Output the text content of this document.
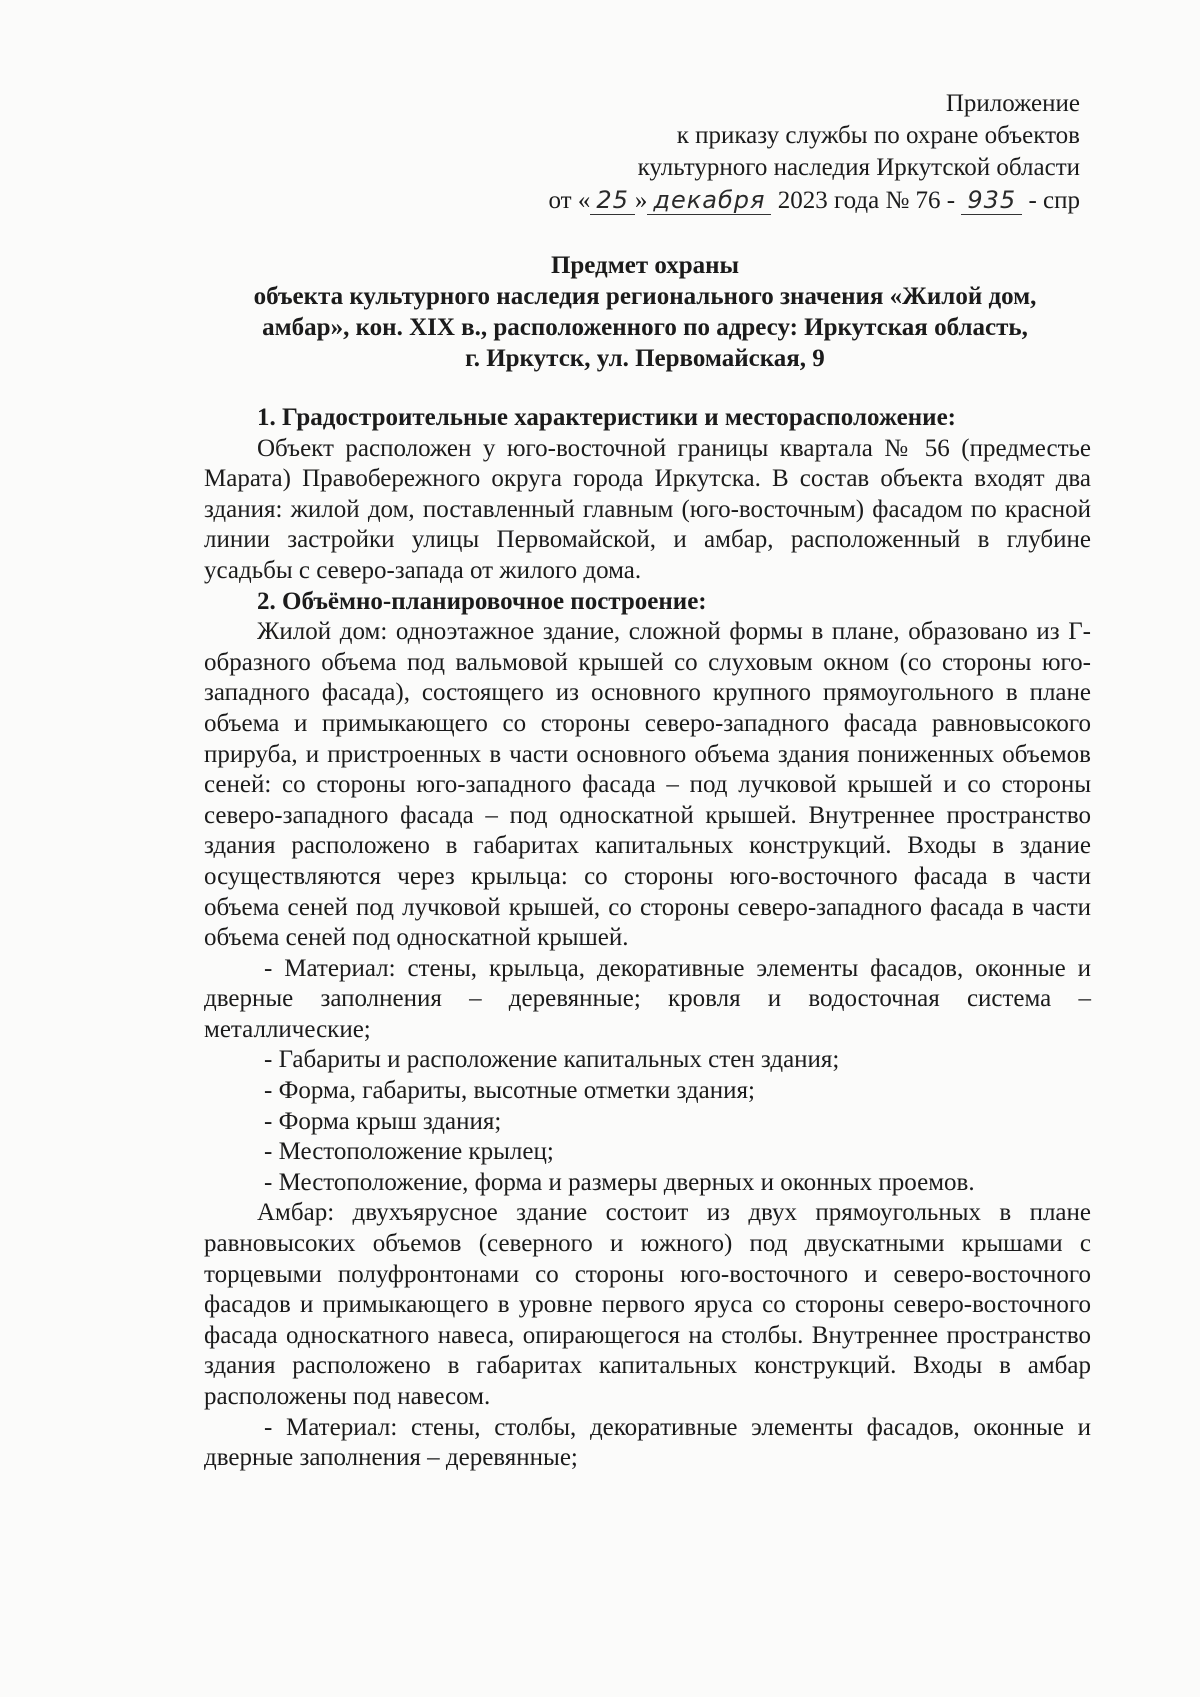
Приложение
к приказу службы по охране объектов
культурного наследия Иркутской области
от « 25 » декабря 2023 года № 76 - 935 - спр
Предмет охраны
объекта культурного наследия регионального значения «Жилой дом,
амбар», кон. XIX в., расположенного по адресу: Иркутская область,
г. Иркутск, ул. Первомайская, 9

1. Градостроительные характеристики и месторасположение:

Объект расположен у юго-восточной границы квартала № 56 (предместье Марата) Правобережного округа города Иркутска. В состав объекта входят два здания: жилой дом, поставленный главным (юго-восточным) фасадом по красной линии застройки улицы Первомайской, и амбар, расположенный в глубине усадьбы с северо-запада от жилого дома.

2. Объёмно-планировочное построение:

Жилой дом: одноэтажное здание, сложной формы в плане, образовано из Г-образного объема под вальмовой крышей со слуховым окном (со стороны юго-западного фасада), состоящего из основного крупного прямоугольного в плане объема и примыкающего со стороны северо-западного фасада равновысокого прируба, и пристроенных в части основного объема здания пониженных объемов сеней: со стороны юго-западного фасада – под лучковой крышей и со стороны северо-западного фасада – под односкатной крышей. Внутреннее пространство здания расположено в габаритах капитальных конструкций. Входы в здание осуществляются через крыльца: со стороны юго-восточного фасада в части объема сеней под лучковой крышей, со стороны северо-западного фасада в части объема сеней под односкатной крышей.

- Материал: стены, крыльца, декоративные элементы фасадов, оконные и дверные заполнения – деревянные; кровля и водосточная система – металлические;

- Габариты и расположение капитальных стен здания;

- Форма, габариты, высотные отметки здания;

- Форма крыш здания;

- Местоположение крылец;

- Местоположение, форма и размеры дверных и оконных проемов.

Амбар: двухъярусное здание состоит из двух прямоугольных в плане равновысоких объемов (северного и южного) под двускатными крышами с торцевыми полуфронтонами со стороны юго-восточного и северо-восточного фасадов и примыкающего в уровне первого яруса со стороны северо-восточного фасада односкатного навеса, опирающегося на столбы. Внутреннее пространство здания расположено в габаритах капитальных конструкций. Входы в амбар расположены под навесом.

- Материал: стены, столбы, декоративные элементы фасадов, оконные и дверные заполнения – деревянные;
